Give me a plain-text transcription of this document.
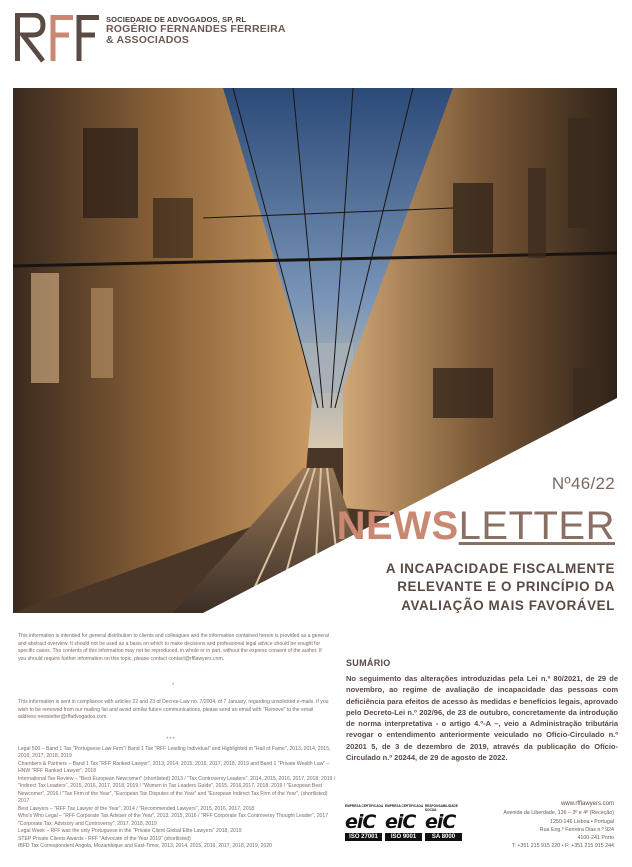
SOCIEDADE DE ADVOGADOS, SP, RL
ROGÉRIO FERNANDES FERREIRA
& ASSOCIADOS
Nº46/22
NEWSLETTER
A INCAPACIDADE FISCALMENTE
RELEVANTE E O PRINCÍPIO DA
AVALIAÇÃO MAIS FAVORÁVEL
This information is intended for general distribution to clients and colleagues and the information contained herein is provided as a general and abstract overview. It should not be used as a basis on which to make decisions and professional legal advice should be sought for specific cases. The contents of this information may not be reproduced, in whole or in part, without the express consent of the author. If you should require further information on this topic, please contact contact@rfflawyers.com.
*
This information is sent in compliance with articles 22 and 23 of Decree-Law no. 7/2004, of 7 January, regarding unsolicited e-mails. If you wish to be removed from our mailing list and avoid similar future communications, please send an email with "Remove" to the email address newsletter@rffadvogados.com.
***
Legal 500 – Band 1 Tax "Portuguese Law Firm"/ Band 1 Tax "RFF Leading Individual" and Highlighted in "Hall of Fame", 2013, 2014, 2015, 2016, 2017, 2018, 2019
Chambers & Partners – Band 1 Tax "RFF Ranked Lawyer", 2013, 2014, 2015, 2016, 2017, 2018, 2019 and Band 1 "Private Wealth Law" – HNW "RFF Ranked Lawyer", 2018
International Tax Review – "Best European Newcomer" (shortlisted) 2013 / "Tax Controversy Leaders", 2014, 2015, 2016, 2017, 2018, 2019 / "Indirect Tax Leaders", 2015, 2016, 2017, 2018, 2019 / "Women in Tax Leaders Guide", 2015, 2016,2017, 2018, 2019 / "European Best Newcomer", 2016 / "Tax Firm of the Year", "European Tax Disputes of the Year" and "European Indirect Tax Firm of the Year", (shortlisted) 2017
Best Lawyers – "RFF Tax Lawyer of the Year", 2014 / "Recommended Lawyers", 2015, 2016, 2017, 2018
Who's Who Legal – "RFF Corporate Tax Adviser of the Year", 2013, 2015, 2016 / "RFF Corporate Tax Controversy Thought Leader", 2017 "Corporate Tax: Advisory and Controversy", 2017, 2018, 2019
Legal Week – RFF was the only Portuguese in the "Private Client Global Elite Lawyers" 2018, 2019
STEP Private Clients Awards - RFF "Advocate of the Year 2019" (shortlisted)
IBFD Tax Correspondent Angola, Mozambique and East-Timor, 2013, 2014, 2015, 2016, 2017, 2018, 2019, 2020
SUMÁRIO
No seguimento das alterações introduzidas pela Lei n.º 80/2021, de 29 de novembro, ao regime de avaliação de incapacidade das pessoas com deficiência para efeitos de acesso às medidas e benefícios legais, aprovado pelo Decreto-Lei n.º 202/96, de 23 de outubro, concretamente da introdução de norma interpretativa - o artigo 4.º-A –, veio a Administração tributária revogar o entendimento anteriormente veiculado no Ofício-Circulado n.º 20201 5, de 3 de dezembro de 2019, através da publicação do Ofício-Circulado n.º 20244, de 29 de agosto de 2022.
EMPRESA CERTIFICADA EMPRESA CERTIFICADA RESPONSABILIDADE SOCIAL
eiC
ISO 27001
eiC
ISO 9001
eiC
SA 8000
www.rfflawyers.com
Avenida da Liberdade, 136 – 3º e 4º (Receção)
1250-146 Lisboa • Portugal
Rua Eng.º Ferreira Dias n.º 924
4100-241 Porto
T: +351 215 915 220 • F: +351 215 915 244
